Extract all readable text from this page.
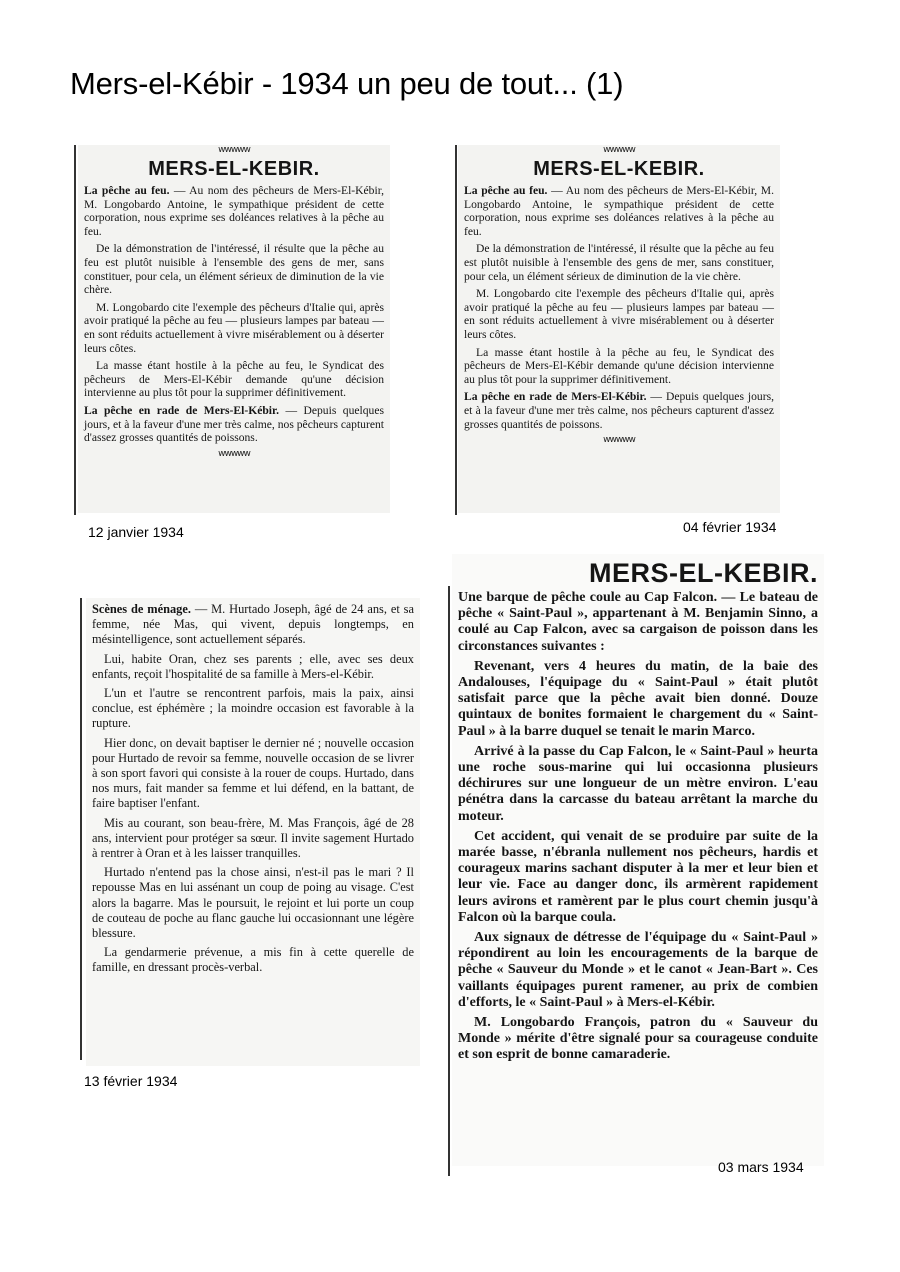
Mers-el-Kébir - 1934 un peu de tout... (1)
wwwww
MERS-EL-KEBIR.

La pêche au feu. — Au nom des pêcheurs de Mers-El-Kébir, M. Longobardo Antoine, le sympathique président de cette corporation, nous exprime ses doléances relatives à la pêche au feu.

De la démonstration de l'intéressé, il résulte que la pêche au feu est plutôt nuisible à l'ensemble des gens de mer, sans constituer, pour cela, un élément sérieux de diminution de la vie chère.

M. Longobardo cite l'exemple des pêcheurs d'Italie qui, après avoir pratiqué la pêche au feu — plusieurs lampes par bateau — en sont réduits actuellement à vivre misérablement ou à déserter leurs côtes.

La masse étant hostile à la pêche au feu, le Syndicat des pêcheurs de Mers-El-Kébir demande qu'une décision intervienne au plus tôt pour la supprimer définitivement.

La pêche en rade de Mers-El-Kébir. — Depuis quelques jours, et à la faveur d'une mer très calme, nos pêcheurs capturent d'assez grosses quantités de poissons.

wwwww
12 janvier 1934
wwwww
MERS-EL-KEBIR.

La pêche au feu. — Au nom des pêcheurs de Mers-El-Kébir, M. Longobardo Antoine, le sympathique président de cette corporation, nous exprime ses doléances relatives à la pêche au feu.

De la démonstration de l'intéressé, il résulte que la pêche au feu est plutôt nuisible à l'ensemble des gens de mer, sans constituer, pour cela, un élément sérieux de diminution de la vie chère.

M. Longobardo cite l'exemple des pêcheurs d'Italie qui, après avoir pratiqué la pêche au feu — plusieurs lampes par bateau — en sont réduits actuellement à vivre misérablement ou à déserter leurs côtes.

La masse étant hostile à la pêche au feu, le Syndicat des pêcheurs de Mers-El-Kébir demande qu'une décision intervienne au plus tôt pour la supprimer définitivement.

La pêche en rade de Mers-El-Kébir. — Depuis quelques jours, et à la faveur d'une mer très calme, nos pêcheurs capturent d'assez grosses quantités de poissons.

wwwww
04 février 1934

Scènes de ménage. — M. Hurtado Joseph, âgé de 24 ans, et sa femme, née Mas, qui vivent, depuis longtemps, en mésintelligence, sont actuellement séparés.

Lui, habite Oran, chez ses parents ; elle, avec ses deux enfants, reçoit l'hospitalité de sa famille à Mers-el-Kébir.

L'un et l'autre se rencontrent parfois, mais la paix, ainsi conclue, est éphémère ; la moindre occasion est favorable à la rupture.

Hier donc, on devait baptiser le dernier né ; nouvelle occasion pour Hurtado de revoir sa femme, nouvelle occasion de se livrer à son sport favori qui consiste à la rouer de coups. Hurtado, dans nos murs, fait mander sa femme et lui défend, en la battant, de faire baptiser l'enfant.

Mis au courant, son beau-frère, M. Mas François, âgé de 28 ans, intervient pour protéger sa sœur. Il invite sagement Hurtado à rentrer à Oran et à les laisser tranquilles.

Hurtado n'entend pas la chose ainsi, n'est-il pas le mari ? Il repousse Mas en lui assénant un coup de poing au visage. C'est alors la bagarre. Mas le poursuit, le rejoint et lui porte un coup de couteau de poche au flanc gauche lui occasionnant une légère blessure.

La gendarmerie prévenue, a mis fin à cette querelle de famille, en dressant procès-verbal.

13 février 1934
MERS-EL-KEBIR.

Une barque de pêche coule au Cap Falcon. — Le bateau de pêche « Saint-Paul », appartenant à M. Benjamin Sinno, a coulé au Cap Falcon, avec sa cargaison de poisson dans les circonstances suivantes :

Revenant, vers 4 heures du matin, de la baie des Andalouses, l'équipage du « Saint-Paul » était plutôt satisfait parce que la pêche avait bien donné. Douze quintaux de bonites formaient le chargement du « Saint-Paul » à la barre duquel se tenait le marin Marco.

Arrivé à la passe du Cap Falcon, le « Saint-Paul » heurta une roche sous-marine qui lui occasionna plusieurs déchirures sur une longueur de un mètre environ. L'eau pénétra dans la carcasse du bateau arrêtant la marche du moteur.

Cet accident, qui venait de se produire par suite de la marée basse, n'ébranla nullement nos pêcheurs, hardis et courageux marins sachant disputer à la mer et leur bien et leur vie. Face au danger donc, ils armèrent rapidement leurs avirons et ramèrent par le plus court chemin jusqu'à Falcon où la barque coula.

Aux signaux de détresse de l'équipage du « Saint-Paul » répondirent au loin les encouragements de la barque de pêche « Sauveur du Monde » et le canot « Jean-Bart ». Ces vaillants équipages purent ramener, au prix de combien d'efforts, le « Saint-Paul » à Mers-el-Kébir.

M. Longobardo François, patron du « Sauveur du Monde » mérite d'être signalé pour sa courageuse conduite et son esprit de bonne camaraderie.

03 mars 1934
